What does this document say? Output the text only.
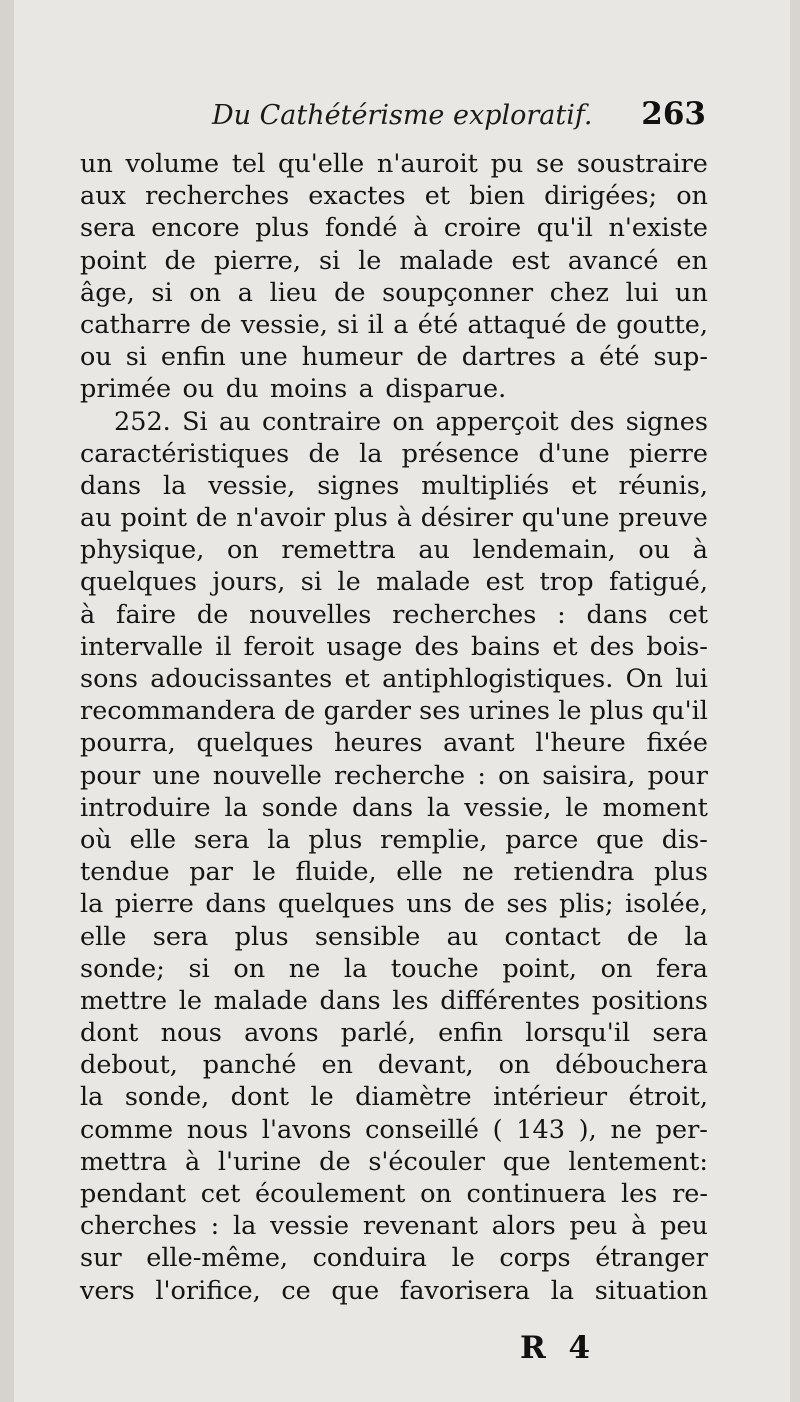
Du Cathétérisme exploratif. 263
un volume tel qu'elle n'auroit pu se soustraire
aux recherches exactes et bien dirigées; on
sera encore plus fondé à croire qu'il n'existe
point de pierre, si le malade est avancé en
âge, si on a lieu de soupçonner chez lui un
catharre de vessie, si il a été attaqué de goutte,
ou si enfin une humeur de dartres a été sup-
primée ou du moins a disparue.
252. Si au contraire on apperçoit des signes
caractéristiques de la présence d'une pierre
dans la vessie, signes multipliés et réunis,
au point de n'avoir plus à désirer qu'une preuve
physique, on remettra au lendemain, ou à
quelques jours, si le malade est trop fatigué,
à faire de nouvelles recherches : dans cet
intervalle il feroit usage des bains et des bois-
sons adoucissantes et antiphlogistiques. On lui
recommandera de garder ses urines le plus qu'il
pourra, quelques heures avant l'heure fixée
pour une nouvelle recherche : on saisira, pour
introduire la sonde dans la vessie, le moment
où elle sera la plus remplie, parce que dis-
tendue par le fluide, elle ne retiendra plus
la pierre dans quelques uns de ses plis; isolée,
elle sera plus sensible au contact de la
sonde; si on ne la touche point, on fera
mettre le malade dans les différentes positions
dont nous avons parlé, enfin lorsqu'il sera
debout, panché en devant, on débouchera
la sonde, dont le diamètre intérieur étroit,
comme nous l'avons conseillé ( 143 ), ne per-
mettra à l'urine de s'écouler que lentement:
pendant cet écoulement on continuera les re-
cherches : la vessie revenant alors peu à peu
sur elle-même, conduira le corps étranger
vers l'orifice, ce que favorisera la situation
R 4
